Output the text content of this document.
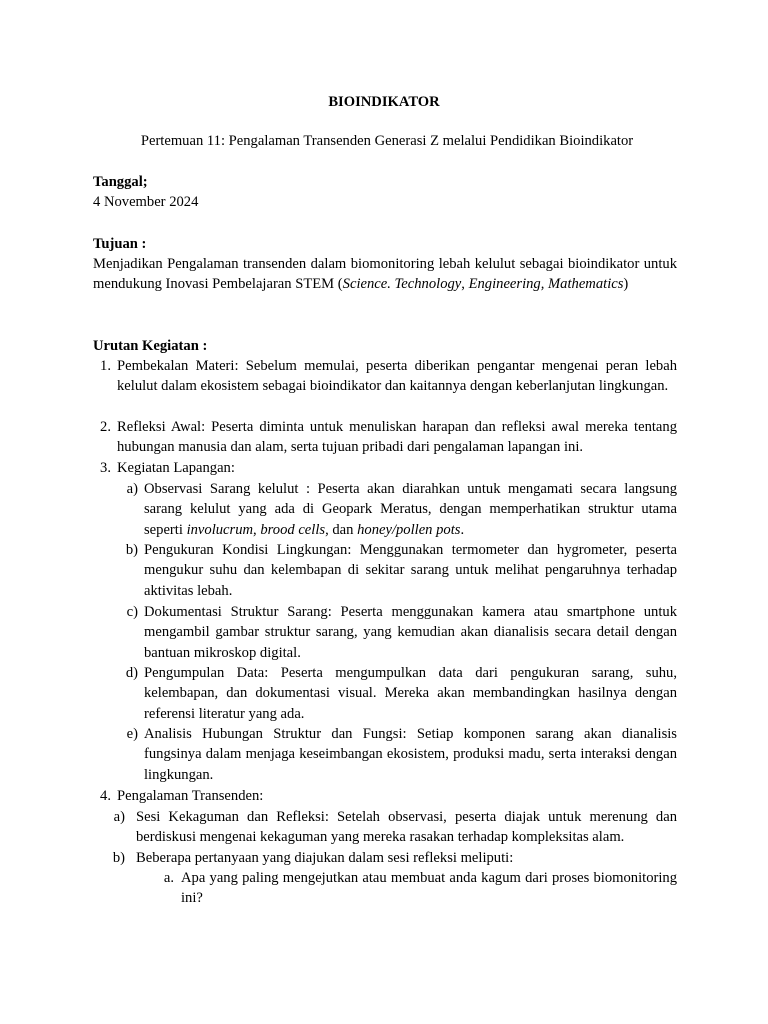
BIOINDIKATOR
Pertemuan 11: Pengalaman Transenden Generasi Z melalui Pendidikan Bioindikator
Tanggal;
4 November 2024
Tujuan :
Menjadikan Pengalaman transenden dalam biomonitoring lebah kelulut sebagai bioindikator untuk mendukung Inovasi Pembelajaran STEM (Science. Technology, Engineering, Mathematics)
Urutan Kegiatan :
1. Pembekalan Materi: Sebelum memulai, peserta diberikan pengantar mengenai peran lebah kelulut dalam ekosistem sebagai bioindikator dan kaitannya dengan keberlanjutan lingkungan.
2. Refleksi Awal: Peserta diminta untuk menuliskan harapan dan refleksi awal mereka tentang hubungan manusia dan alam, serta tujuan pribadi dari pengalaman lapangan ini.
3. Kegiatan Lapangan:
a) Observasi Sarang kelulut : Peserta akan diarahkan untuk mengamati secara langsung sarang kelulut yang ada di Geopark Meratus, dengan memperhatikan struktur utama seperti involucrum, brood cells, dan honey/pollen pots.
b) Pengukuran Kondisi Lingkungan: Menggunakan termometer dan hygrometer, peserta mengukur suhu dan kelembapan di sekitar sarang untuk melihat pengaruhnya terhadap aktivitas lebah.
c) Dokumentasi Struktur Sarang: Peserta menggunakan kamera atau smartphone untuk mengambil gambar struktur sarang, yang kemudian akan dianalisis secara detail dengan bantuan mikroskop digital.
d) Pengumpulan Data: Peserta mengumpulkan data dari pengukuran sarang, suhu, kelembapan, dan dokumentasi visual. Mereka akan membandingkan hasilnya dengan referensi literatur yang ada.
e) Analisis Hubungan Struktur dan Fungsi: Setiap komponen sarang akan dianalisis fungsinya dalam menjaga keseimbangan ekosistem, produksi madu, serta interaksi dengan lingkungan.
4. Pengalaman Transenden:
a) Sesi Kekaguman dan Refleksi: Setelah observasi, peserta diajak untuk merenung dan berdiskusi mengenai kekaguman yang mereka rasakan terhadap kompleksitas alam.
b) Beberapa pertanyaan yang diajukan dalam sesi refleksi meliputi:
a. Apa yang paling mengejutkan atau membuat anda kagum dari proses biomonitoring ini?
